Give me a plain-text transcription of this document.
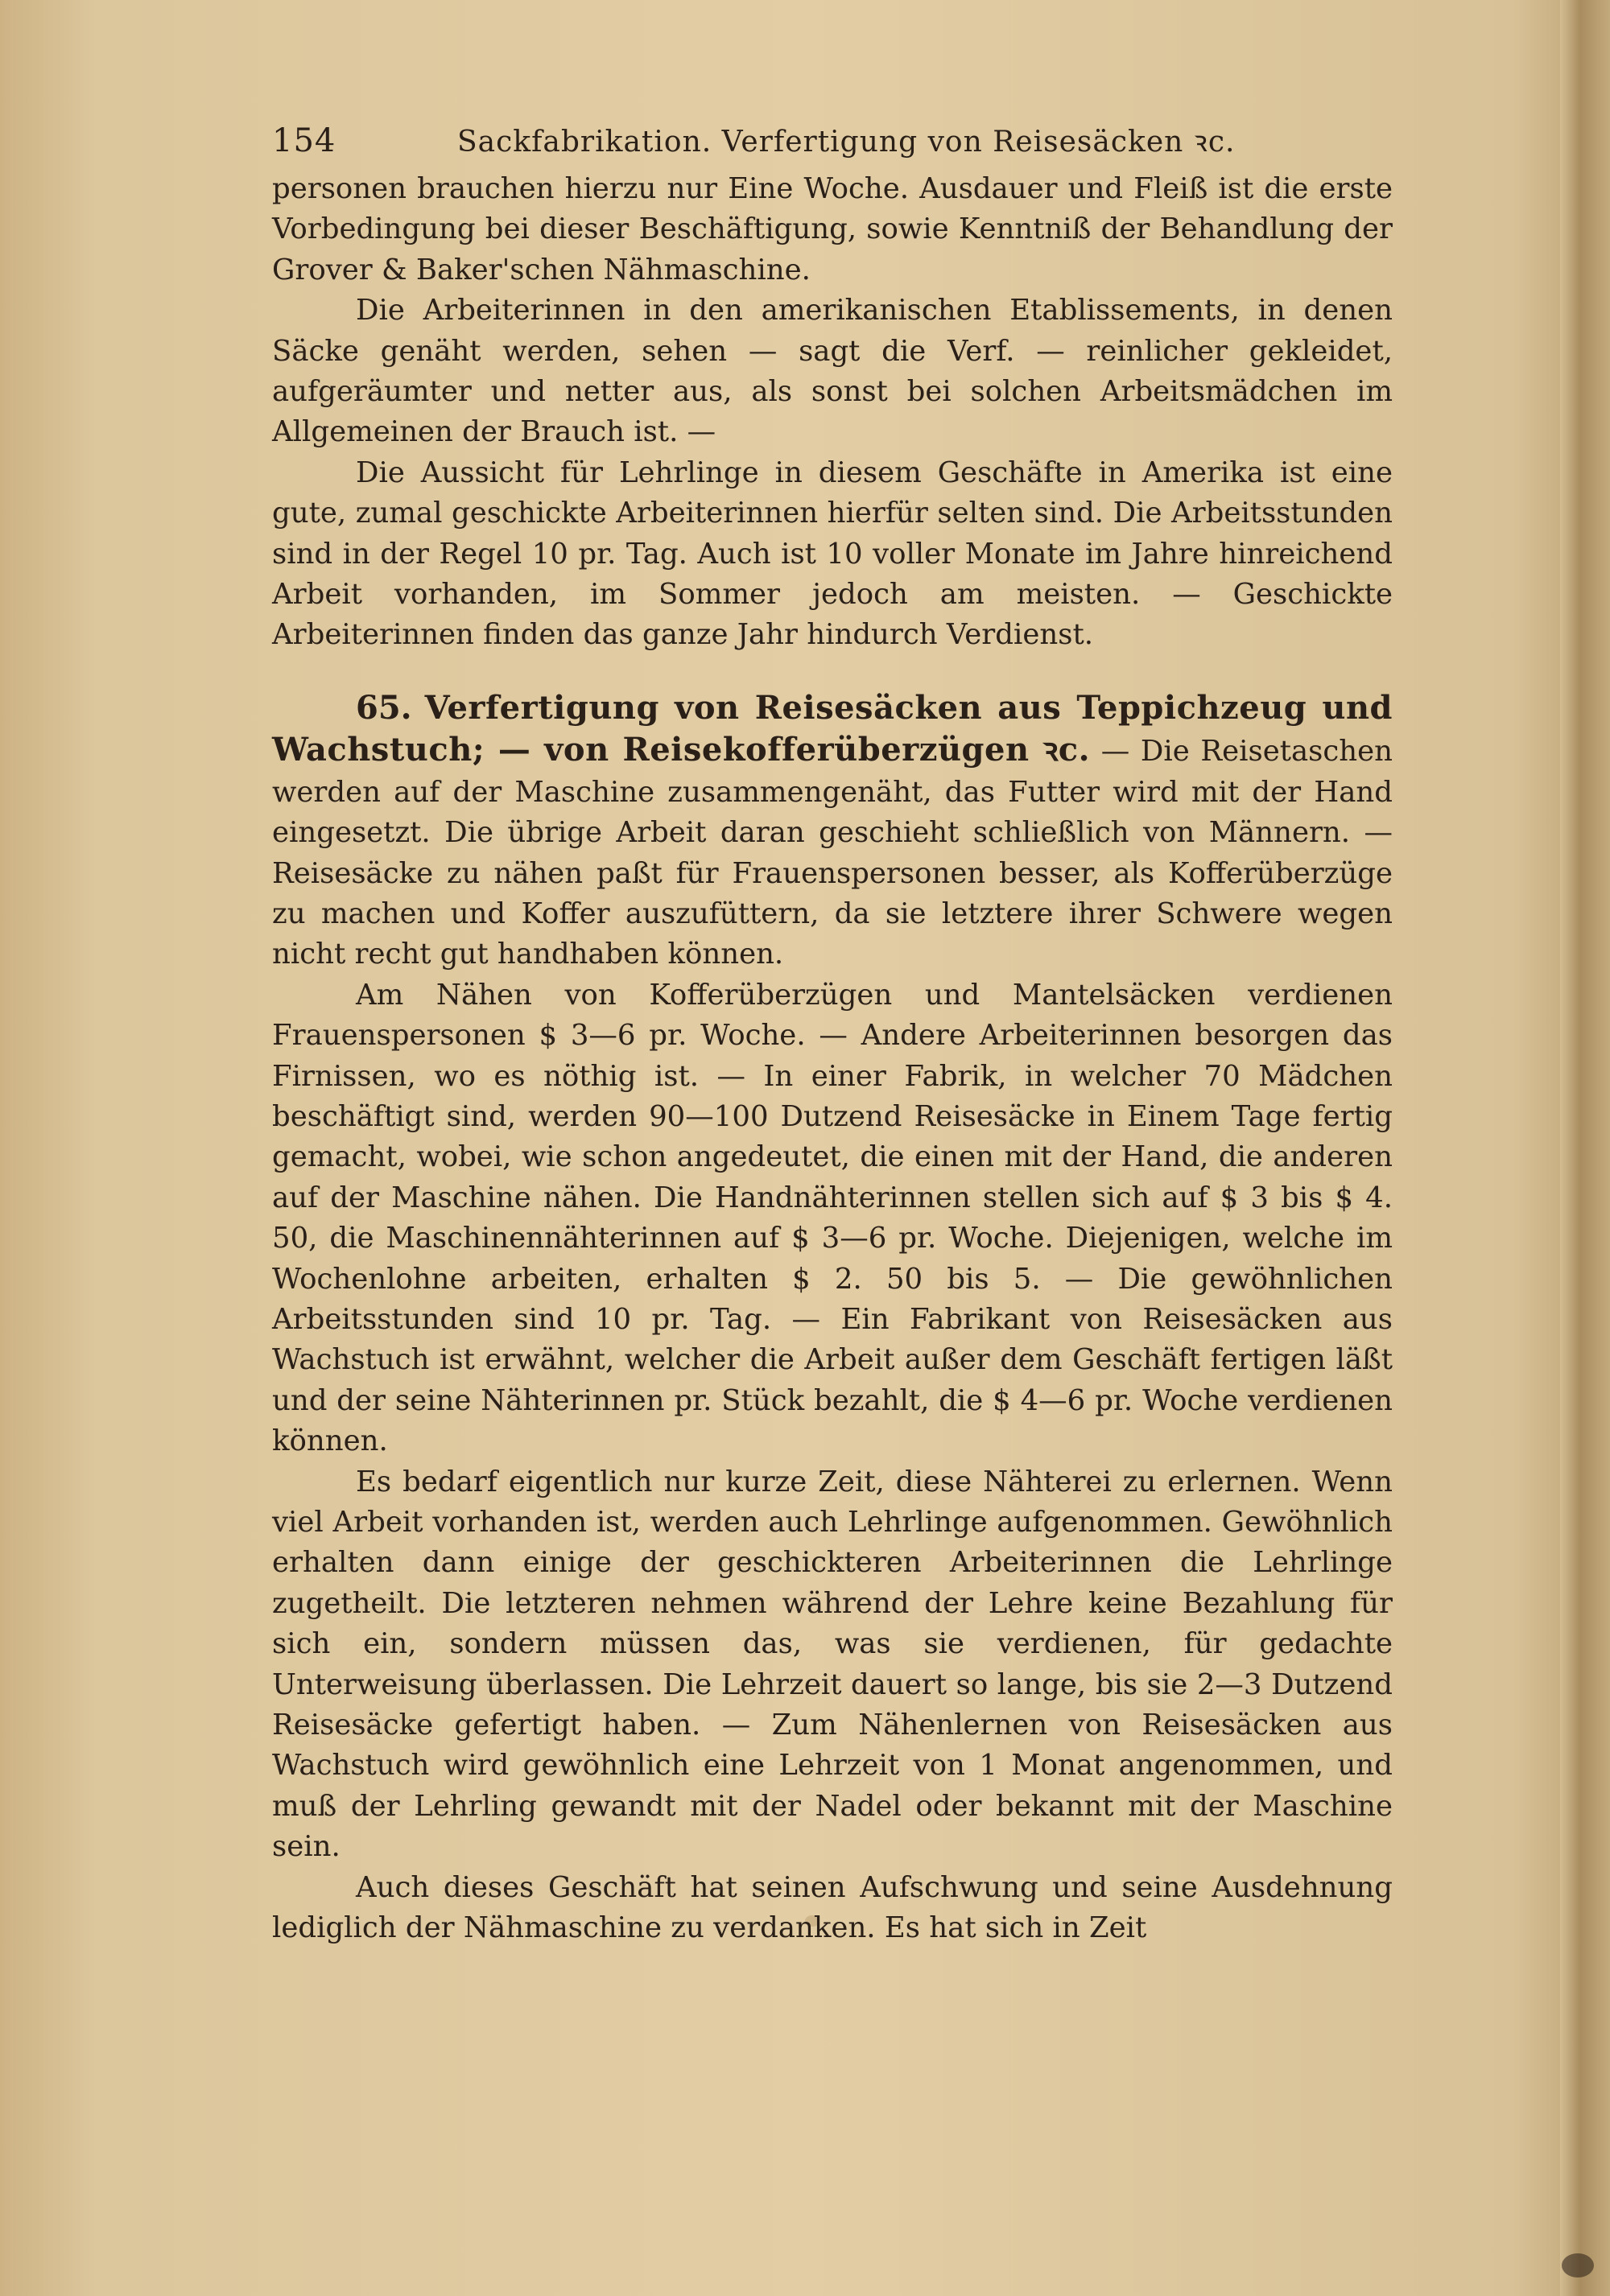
154	Sackfabrikation. Verfertigung von Reisesäcken ꝛc.

personen brauchen hierzu nur Eine Woche. Ausdauer und Fleiß ist die erste Vorbedingung bei dieser Beschäftigung, sowie Kenntniß der Behandlung der Grover & Baker'schen Nähmaschine.

Die Arbeiterinnen in den amerikanischen Etablissements, in denen Säcke genäht werden, sehen — sagt die Verf. — reinlicher gekleidet, aufgeräumter und netter aus, als sonst bei solchen Arbeitsmädchen im Allgemeinen der Brauch ist. —

Die Aussicht für Lehrlinge in diesem Geschäfte in Amerika ist eine gute, zumal geschickte Arbeiterinnen hierfür selten sind. Die Arbeitsstunden sind in der Regel 10 pr. Tag. Auch ist 10 voller Monate im Jahre hinreichend Arbeit vorhanden, im Sommer jedoch am meisten. — Geschickte Arbeiterinnen finden das ganze Jahr hindurch Verdienst.

65. Verfertigung von Reisesäcken aus Teppichzeug und Wachstuch; — von Reisekofferüberzügen ꝛc. — Die Reisetaschen werden auf der Maschine zusammengenäht, das Futter wird mit der Hand eingesetzt. Die übrige Arbeit daran geschieht schließlich von Männern. — Reisesäcke zu nähen paßt für Frauenspersonen besser, als Kofferüberzüge zu machen und Koffer auszufüttern, da sie letztere ihrer Schwere wegen nicht recht gut handhaben können.

Am Nähen von Kofferüberzügen und Mantelsäcken verdienen Frauenspersonen $ 3—6 pr. Woche. — Andere Arbeiterinnen besorgen das Firnissen, wo es nöthig ist. — In einer Fabrik, in welcher 70 Mädchen beschäftigt sind, werden 90—100 Dutzend Reisesäcke in Einem Tage fertig gemacht, wobei, wie schon angedeutet, die einen mit der Hand, die anderen auf der Maschine nähen. Die Handnähterinnen stellen sich auf $ 3 bis $ 4. 50, die Maschinennähterinnen auf $ 3—6 pr. Woche. Diejenigen, welche im Wochenlohne arbeiten, erhalten $ 2. 50 bis 5. — Die gewöhnlichen Arbeitsstunden sind 10 pr. Tag. — Ein Fabrikant von Reisesäcken aus Wachstuch ist erwähnt, welcher die Arbeit außer dem Geschäft fertigen läßt und der seine Nähterinnen pr. Stück bezahlt, die $ 4—6 pr. Woche verdienen können.

Es bedarf eigentlich nur kurze Zeit, diese Nähterei zu erlernen. Wenn viel Arbeit vorhanden ist, werden auch Lehrlinge aufgenommen. Gewöhnlich erhalten dann einige der geschickteren Arbeiterinnen die Lehrlinge zugetheilt. Die letzteren nehmen während der Lehre keine Bezahlung für sich ein, sondern müssen das, was sie verdienen, für gedachte Unterweisung überlassen. Die Lehrzeit dauert so lange, bis sie 2—3 Dutzend Reisesäcke gefertigt haben. — Zum Nähenlernen von Reisesäcken aus Wachstuch wird gewöhnlich eine Lehrzeit von 1 Monat angenommen, und muß der Lehrling gewandt mit der Nadel oder bekannt mit der Maschine sein.

Auch dieses Geschäft hat seinen Aufschwung und seine Ausdehnung lediglich der Nähmaschine zu verdanken. Es hat sich in Zeit
